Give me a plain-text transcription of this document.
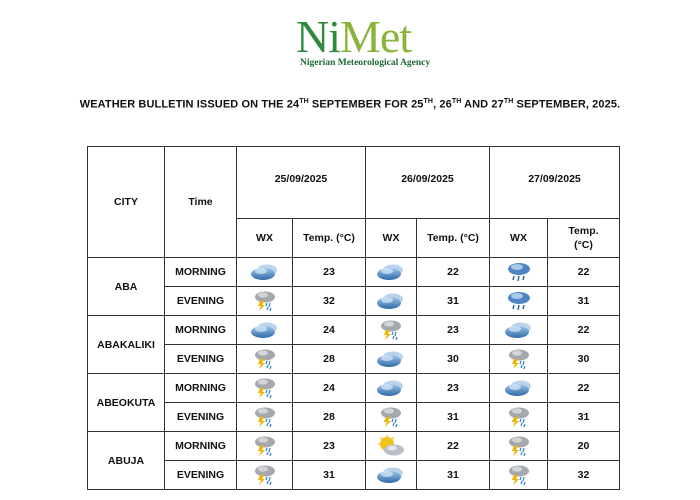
NiMet
Nigerian Meteorological Agency
WEATHER BULLETIN ISSUED ON THE 24TH SEPTEMBER FOR 25TH, 26TH AND 27TH SEPTEMBER, 2025.
CITY	Time	25/09/2025		26/09/2025		27/09/2025	
		WX	Temp. (°C)	WX	Temp. (°C)	WX	Temp.
(°C)
ABA	MORNING		23		22		22
	EVENING		32		31		31
ABAKALIKI	MORNING		24		23		22
	EVENING		28		30		30
ABEOKUTA	MORNING		24		23		22
	EVENING		28		31		31
ABUJA	MORNING		23		22		20
	EVENING		31		31		32
